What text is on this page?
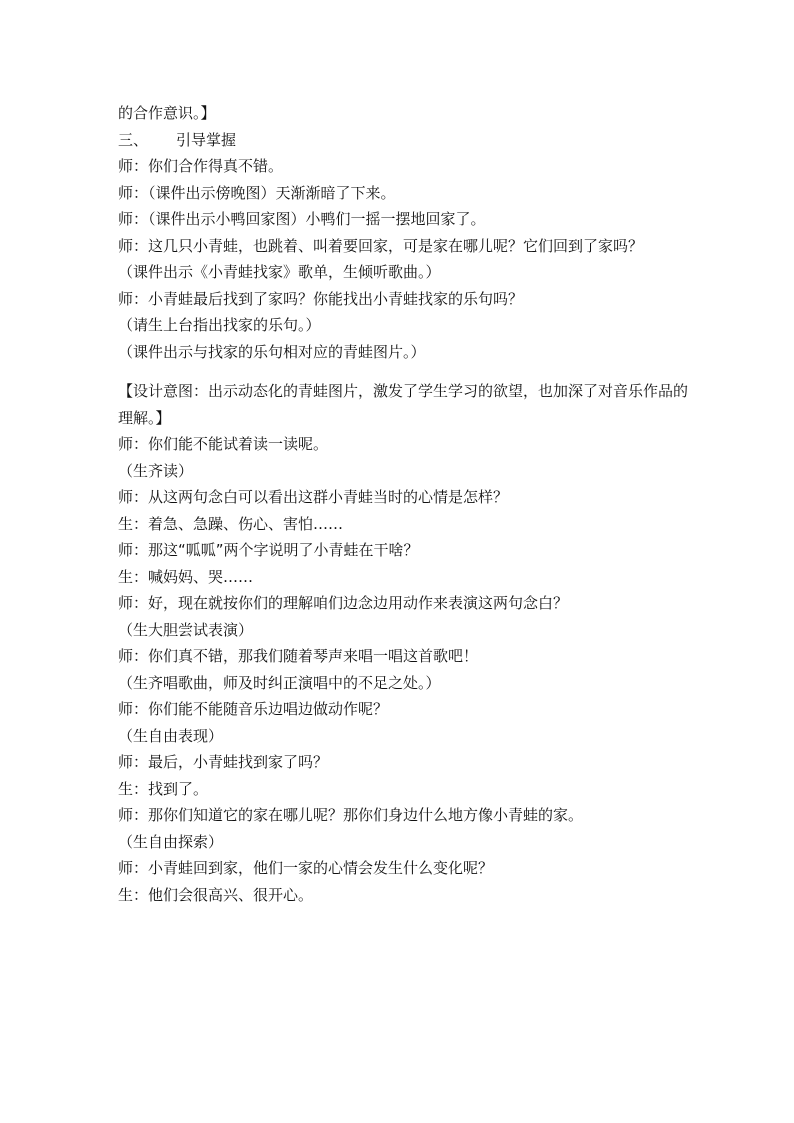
的合作意识。】
三、 引导掌握
师：你们合作得真不错。
师：（课件出示傍晚图）天渐渐暗了下来。
师：（课件出示小鸭回家图）小鸭们一摇一摆地回家了。
师：这几只小青蛙，也跳着、叫着要回家，可是家在哪儿呢？它们回到了家吗？
（课件出示《小青蛙找家》歌单，生倾听歌曲。）
师：小青蛙最后找到了家吗？你能找出小青蛙找家的乐句吗？
（请生上台指出找家的乐句。）
（课件出示与找家的乐句相对应的青蛙图片。）
【设计意图：出示动态化的青蛙图片，激发了学生学习的欲望，也加深了对音乐作品的理解。】
师：你们能不能试着读一读呢。
（生齐读）
师：从这两句念白可以看出这群小青蛙当时的心情是怎样？
生：着急、急躁、伤心、害怕……
师：那这“呱呱”两个字说明了小青蛙在干啥？
生：喊妈妈、哭……
师：好，现在就按你们的理解咱们边念边用动作来表演这两句念白？
（生大胆尝试表演）
师：你们真不错，那我们随着琴声来唱一唱这首歌吧！
（生齐唱歌曲，师及时纠正演唱中的不足之处。）
师：你们能不能随音乐边唱边做动作呢？
（生自由表现）
师：最后，小青蛙找到家了吗？
生：找到了。
师：那你们知道它的家在哪儿呢？那你们身边什么地方像小青蛙的家。
（生自由探索）
师：小青蛙回到家，他们一家的心情会发生什么变化呢？
生：他们会很高兴、很开心。
